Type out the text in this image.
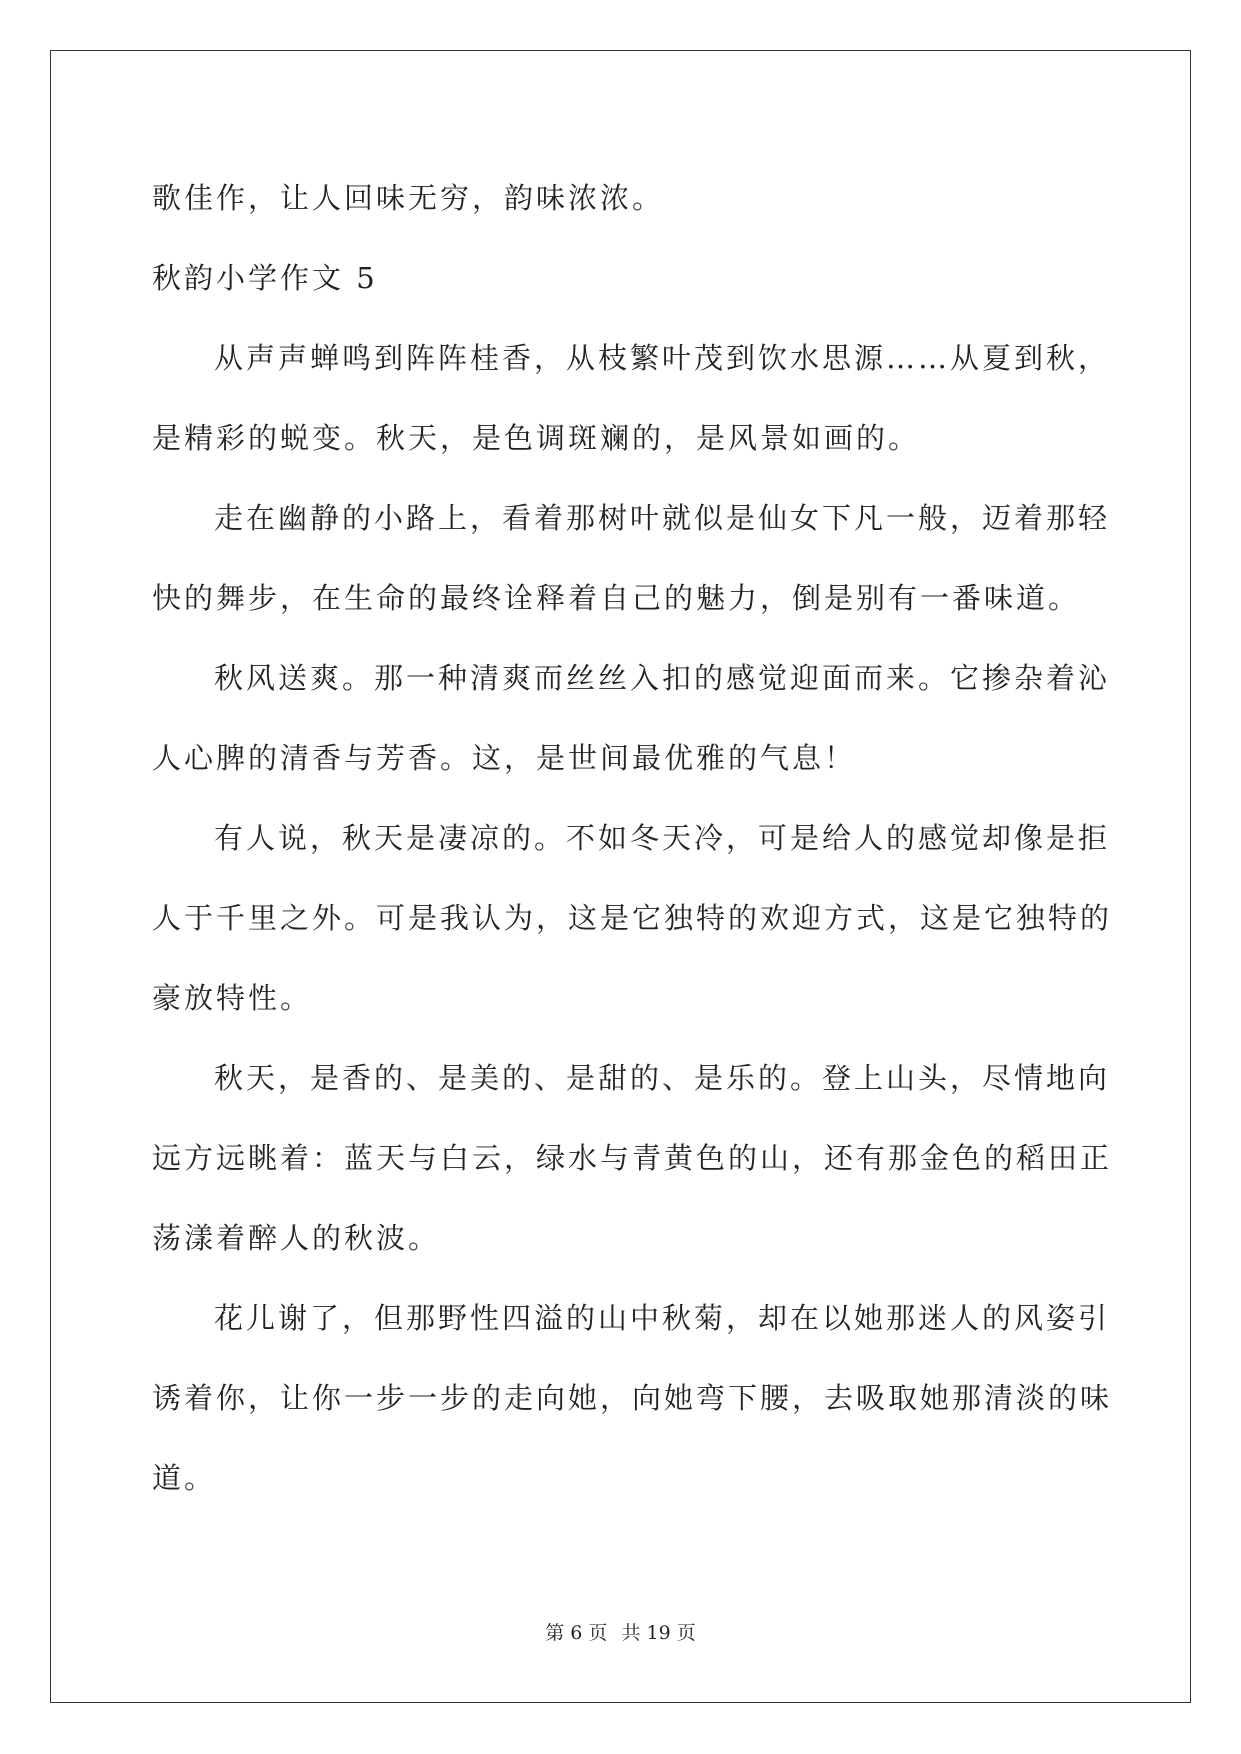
歌佳作，让人回味无穷，韵味浓浓。
秋韵小学作文 5
从声声蝉鸣到阵阵桂香，从枝繁叶茂到饮水思源……从夏到秋，
是精彩的蜕变。秋天，是色调斑斓的，是风景如画的。
走在幽静的小路上，看着那树叶就似是仙女下凡一般，迈着那轻
快的舞步，在生命的最终诠释着自己的魅力，倒是别有一番味道。
秋风送爽。那一种清爽而丝丝入扣的感觉迎面而来。它掺杂着沁
人心脾的清香与芳香。这，是世间最优雅的气息！
有人说，秋天是凄凉的。不如冬天冷，可是给人的感觉却像是拒
人于千里之外。可是我认为，这是它独特的欢迎方式，这是它独特的
豪放特性。
秋天，是香的、是美的、是甜的、是乐的。登上山头，尽情地向
远方远眺着：蓝天与白云，绿水与青黄色的山，还有那金色的稻田正
荡漾着醉人的秋波。
花儿谢了，但那野性四溢的山中秋菊，却在以她那迷人的风姿引
诱着你，让你一步一步的走向她，向她弯下腰，去吸取她那清淡的味
道。
第 6 页 共 19 页
